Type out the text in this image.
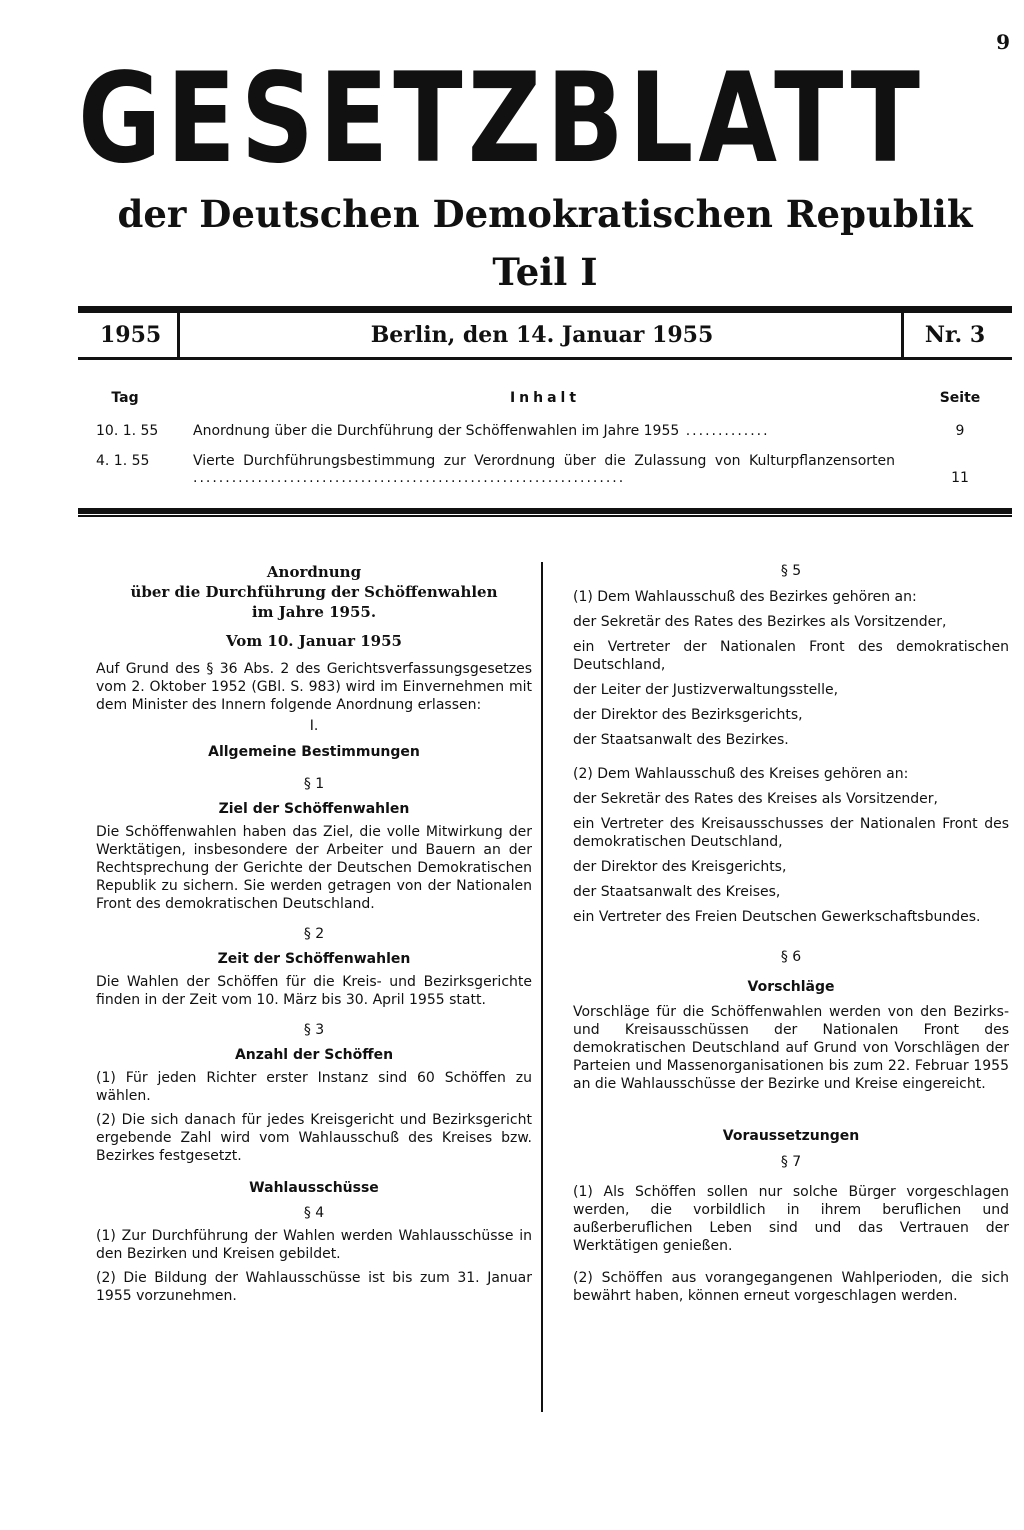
9
GESETZBLATT
der Deutschen Demokratischen Republik
Teil I
1955	Berlin, den 14. Januar 1955	Nr. 3
Tag	Inhalt	Seite
10. 1. 55	Anordnung über die Durchführung der Schöffenwahlen im Jahre 1955 .............	9
4. 1. 55	Vierte Durchführungsbestimmung zur Verordnung über die Zulassung von Kulturpflanzensorten ...................................................................	11
Anordnung
über die Durchführung der Schöffenwahlen
im Jahre 1955.
Vom 10. Januar 1955

Auf Grund des § 36 Abs. 2 des Gerichtsverfassungsgesetzes vom 2. Oktober 1952 (GBl. S. 983) wird im Einvernehmen mit dem Minister des Innern folgende Anordnung erlassen:

I.
Allgemeine Bestimmungen
§ 1
Ziel der Schöffenwahlen

Die Schöffenwahlen haben das Ziel, die volle Mitwirkung der Werktätigen, insbesondere der Arbeiter und Bauern an der Rechtsprechung der Gerichte der Deutschen Demokratischen Republik zu sichern. Sie werden getragen von der Nationalen Front des demokratischen Deutschland.

§ 2
Zeit der Schöffenwahlen

Die Wahlen der Schöffen für die Kreis- und Bezirksgerichte finden in der Zeit vom 10. März bis 30. April 1955 statt.

§ 3
Anzahl der Schöffen

(1) Für jeden Richter erster Instanz sind 60 Schöffen zu wählen.

(2) Die sich danach für jedes Kreisgericht und Bezirksgericht ergebende Zahl wird vom Wahlausschuß des Kreises bzw. Bezirkes festgesetzt.

Wahlausschüsse
§ 4

(1) Zur Durchführung der Wahlen werden Wahlausschüsse in den Bezirken und Kreisen gebildet.

(2) Die Bildung der Wahlausschüsse ist bis zum 31. Januar 1955 vorzunehmen.

§ 5

(1) Dem Wahlausschuß des Bezirkes gehören an:

der Sekretär des Rates des Bezirkes als Vorsitzender,

ein Vertreter der Nationalen Front des demokratischen Deutschland,

der Leiter der Justizverwaltungsstelle,

der Direktor des Bezirksgerichts,

der Staatsanwalt des Bezirkes.

(2) Dem Wahlausschuß des Kreises gehören an:

der Sekretär des Rates des Kreises als Vorsitzender,

ein Vertreter des Kreisausschusses der Nationalen Front des demokratischen Deutschland,

der Direktor des Kreisgerichts,

der Staatsanwalt des Kreises,

ein Vertreter des Freien Deutschen Gewerkschaftsbundes.

§ 6
Vorschläge

Vorschläge für die Schöffenwahlen werden von den Bezirks- und Kreisausschüssen der Nationalen Front des demokratischen Deutschland auf Grund von Vorschlägen der Parteien und Massenorganisationen bis zum 22. Februar 1955 an die Wahlausschüsse der Bezirke und Kreise eingereicht.

Voraussetzungen
§ 7

(1) Als Schöffen sollen nur solche Bürger vorgeschlagen werden, die vorbildlich in ihrem beruflichen und außerberuflichen Leben sind und das Vertrauen der Werktätigen genießen.

(2) Schöffen aus vorangegangenen Wahlperioden, die sich bewährt haben, können erneut vorgeschlagen werden.
